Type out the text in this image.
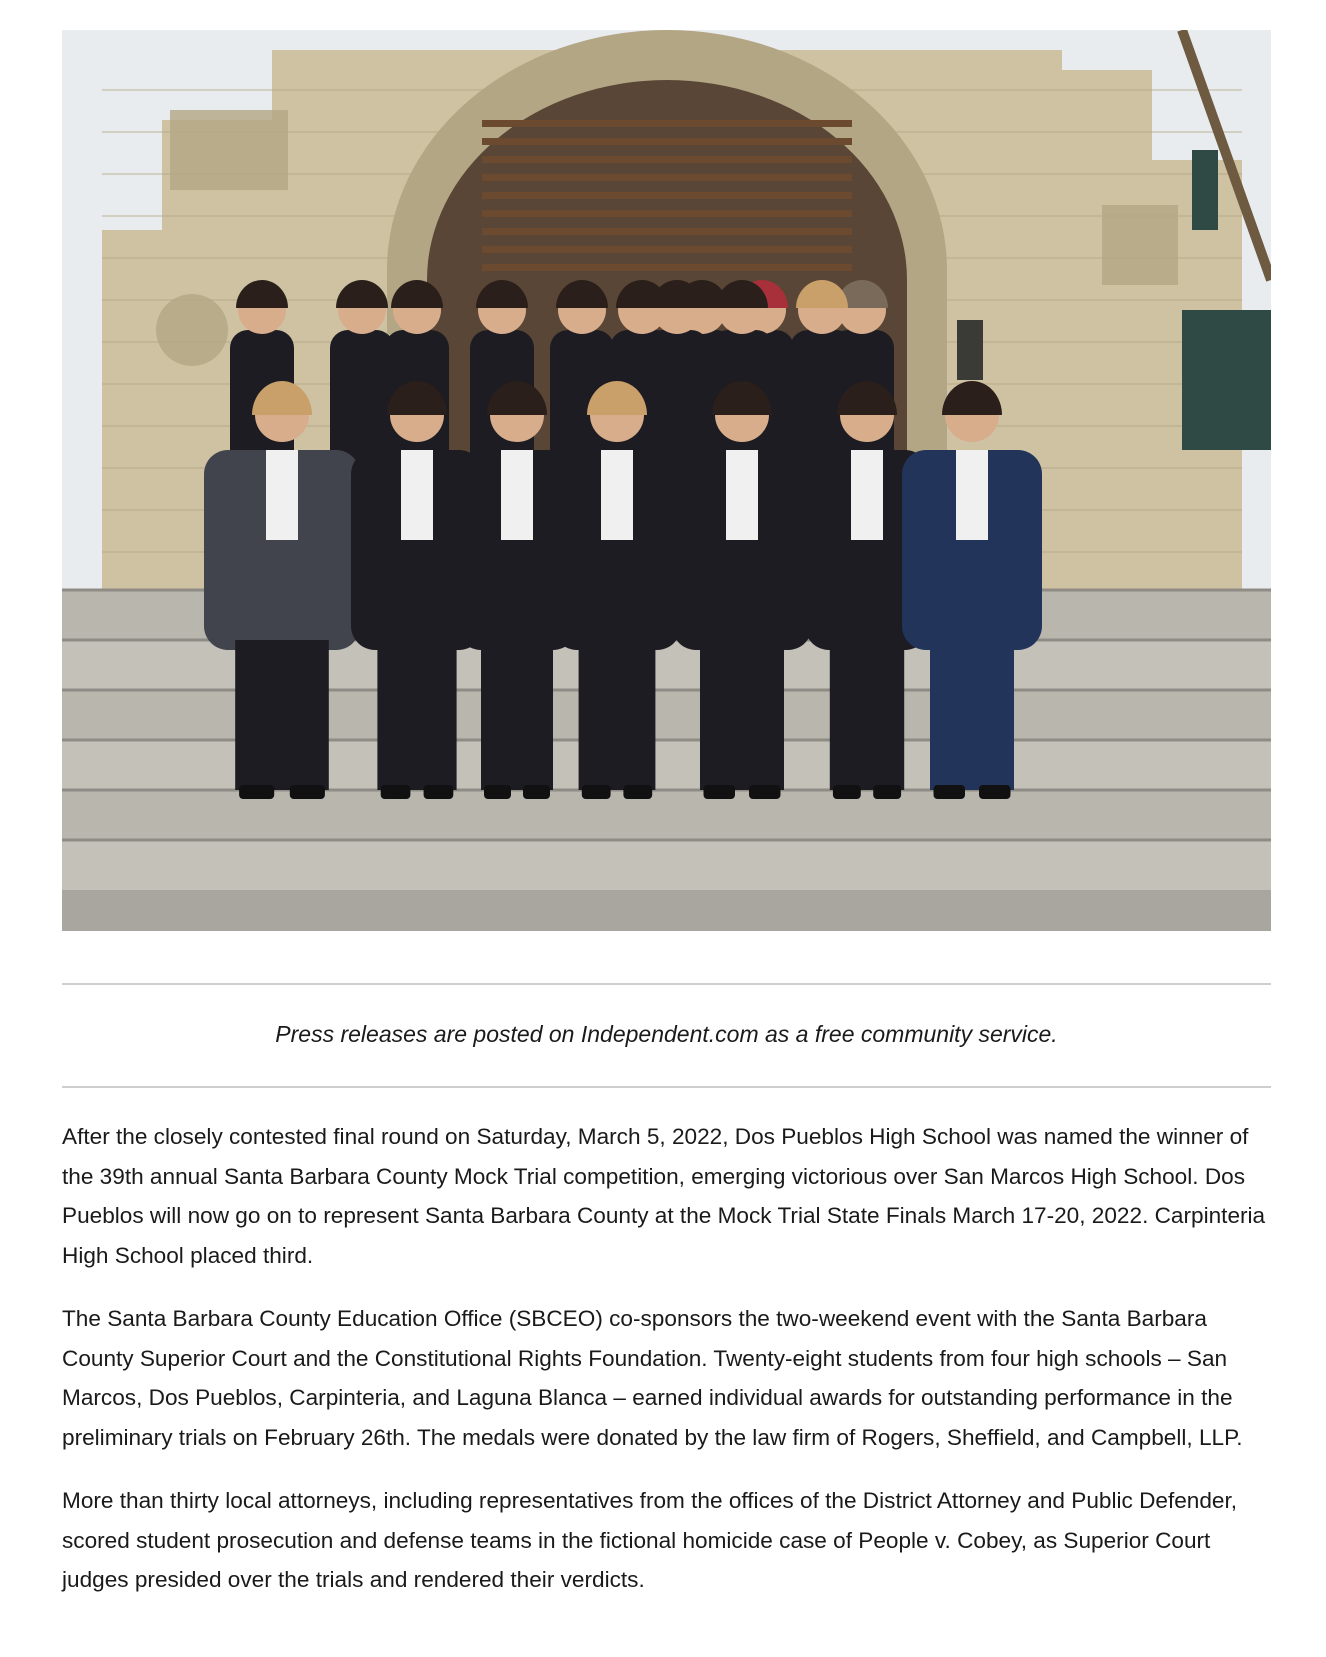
Press releases are posted on Independent.com as a free community service.

After the closely contested final round on Saturday, March 5, 2022, Dos Pueblos High School was named the winner of the 39th annual Santa Barbara County Mock Trial competition, emerging victorious over San Marcos High School. Dos Pueblos will now go on to represent Santa Barbara County at the Mock Trial State Finals March 17-20, 2022. Carpinteria High School placed third.

The Santa Barbara County Education Office (SBCEO) co-sponsors the two-weekend event with the Santa Barbara County Superior Court and the Constitutional Rights Foundation. Twenty-eight students from four high schools – San Marcos, Dos Pueblos, Carpinteria, and Laguna Blanca – earned individual awards for outstanding performance in the preliminary trials on February 26th. The medals were donated by the law firm of Rogers, Sheffield, and Campbell, LLP.

More than thirty local attorneys, including representatives from the offices of the District Attorney and Public Defender, scored student prosecution and defense teams in the fictional homicide case of People v. Cobey, as Superior Court judges presided over the trials and rendered their verdicts.
